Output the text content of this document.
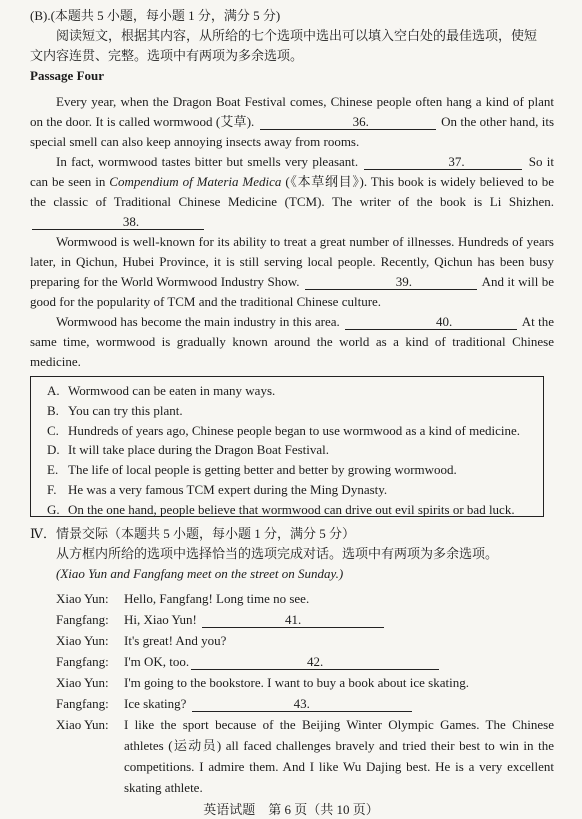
(B).(本题共 5 小题，每小题 1 分，满分 5 分)
阅读短文，根据其内容，从所给的七个选项中选出可以填入空白处的最佳选项，使短
文内容连贯、完整。选项中有两项为多余选项。
Passage Four

Every year, when the Dragon Boat Festival comes, Chinese people often hang a kind of plant on the door. It is called wormwood (艾草).	36.	On the other hand, its special smell can also keep annoying insects away from rooms.

In fact, wormwood tastes bitter but smells very pleasant.	37.	So it can be seen in Compendium of Materia Medica (《本草纲目》). This book is widely believed to be the classic of Traditional Chinese Medicine (TCM). The writer of the book is Li Shizhen. 38.

Wormwood is well-known for its ability to treat a great number of illnesses. Hundreds of years later, in Qichun, Hubei Province, it is still serving local people. Recently, Qichun has been busy preparing for the World Wormwood Industry Show.	39.	And it will be good for the popularity of TCM and the traditional Chinese culture.

Wormwood has become the main industry in this area.	40.	At the same time, wormwood is gradually known around the world as a kind of traditional Chinese medicine.

A. Wormwood can be eaten in many ways.
B. You can try this plant.
C. Hundreds of years ago, Chinese people began to use wormwood as a kind of medicine.
D. It will take place during the Dragon Boat Festival.
E. The life of local people is getting better and better by growing wormwood.
F. He was a very famous TCM expert during the Ming Dynasty.
G. On the one hand, people believe that wormwood can drive out evil spirits or bad luck.
Ⅳ．情景交际（本题共 5 小题，每小题 1 分，满分 5 分）
从方框内所给的选项中选择恰当的选项完成对话。选项中有两项为多余选项。
(Xiao Yun and Fangfang meet on the street on Sunday.)
Xiao Yun:	Hello, Fangfang! Long time no see.
Fangfang:	Hi, Xiao Yun!	41.
Xiao Yun:	It's great! And you?
Fangfang:	I'm OK, too.	42.
Xiao Yun:	I'm going to the bookstore. I want to buy a book about ice skating.
Fangfang:	Ice skating?	43.
Xiao Yun:	I like the sport because of the Beijing Winter Olympic Games. The Chinese athletes (运动员) all faced challenges bravely and tried their best to win in the competitions. I admire them. And I like Wu Dajing best. He is a very excellent skating athlete.
英语试题　第 6 页（共 10 页）
